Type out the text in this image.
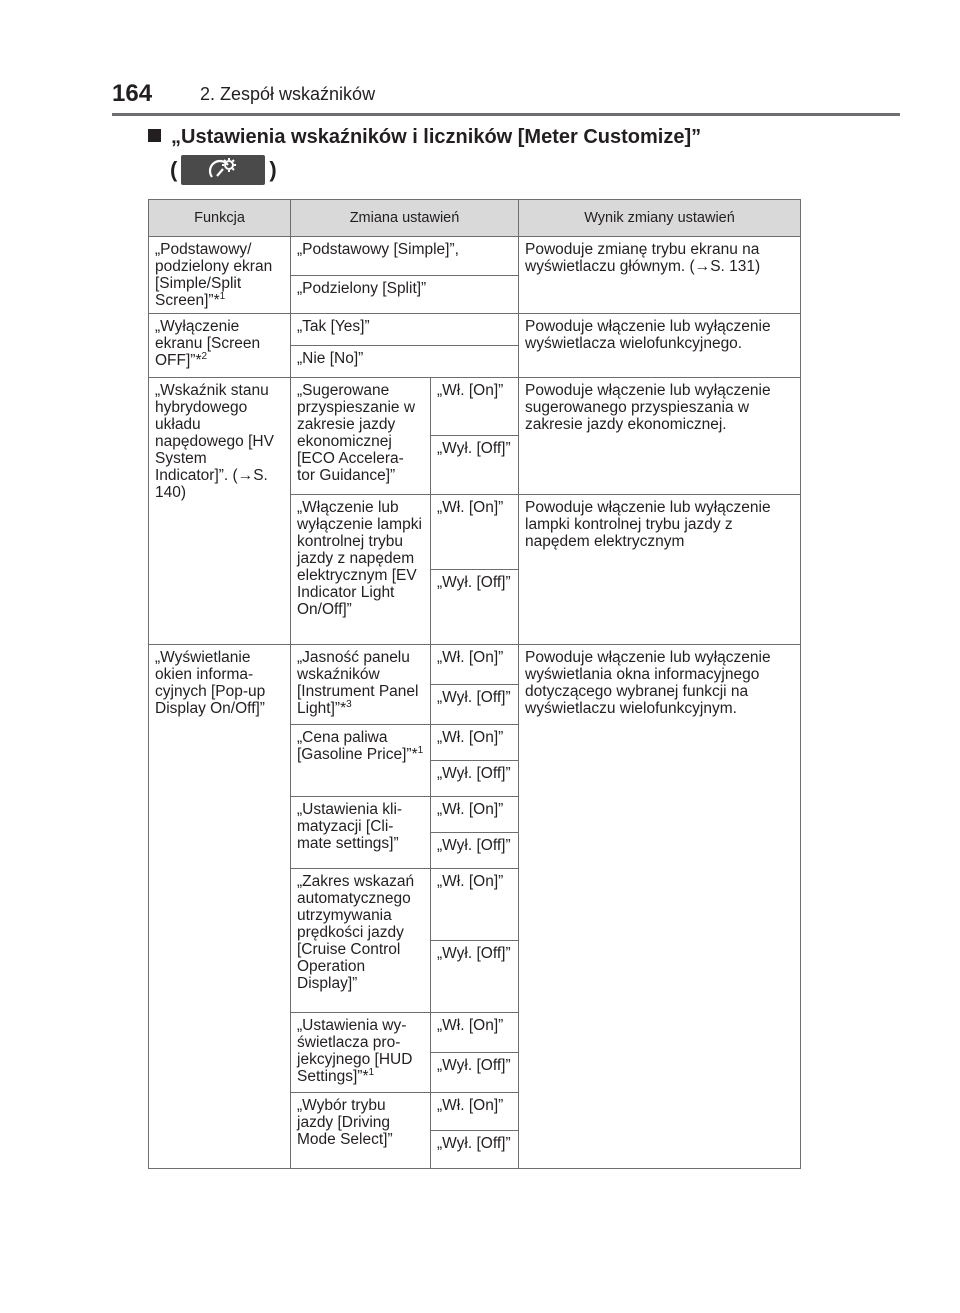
164	2. Zespół wskaźników
„Ustawienia wskaźników i liczników [Meter Customize]”
(	)
Funkcja	Zmiana ustawień		Wynik zmiany ustawień
„Podstawowy/ podzielony ekran [Simple/Split Screen]”*$^1$	„Podstawowy [Simple]”,		Powoduje zmianę trybu ekranu na wyświetlaczu głównym. (→S. 131)
	„Podzielony [Split]”		
„Wyłączenie ekranu [Screen OFF]”*$^2$	„Tak [Yes]”		Powoduje włączenie lub wyłączenie wyświetlacza wielofunkcyjnego.
	„Nie [No]”		
„Wskaźnik stanu hybrydowego układu napędowego [HV System Indicator]”. (→S. 140)	„Sugerowane przyspieszanie w zakresie jazdy ekonomicznej [ECO Accelera- tor Guidance]”	„Wł. [On]”	Powoduje włączenie lub wyłączenie sugerowanego przyspieszania w zakresie jazdy ekonomicznej.
		„Wył. [Off]”	
	„Włączenie lub wyłączenie lampki kontrolnej trybu jazdy z napędem elektrycznym [EV Indicator Light On/Off]”	„Wł. [On]”	Powoduje włączenie lub wyłączenie lampki kontrolnej trybu jazdy z napędem elektrycznym
		„Wył. [Off]”	
„Wyświetlanie okien informa- cyjnych [Pop-up Display On/Off]”	„Jasność panelu wskaźników [Instrument Panel Light]”*$^3$	„Wł. [On]”	Powoduje włączenie lub wyłączenie wyświetlania okna informacyjnego dotyczącego wybranej funkcji na wyświetlaczu wielofunkcyjnym.
		„Wył. [Off]”	
	„Cena paliwa [Gasoline Price]”*$^1$	„Wł. [On]”	
		„Wył. [Off]”	
	„Ustawienia kli- matyzacji [Cli- mate settings]”	„Wł. [On]”	
		„Wył. [Off]”	
	„Zakres wskazań automatycznego utrzymywania prędkości jazdy [Cruise Control Operation Display]”	„Wł. [On]”	
		„Wył. [Off]”	
	„Ustawienia wy- świetlacza pro- jekcyjnego [HUD Settings]”*$^1$	„Wł. [On]”	
		„Wył. [Off]”	
	„Wybór trybu jazdy [Driving Mode Select]”	„Wł. [On]”	
		„Wył. [Off]”	
